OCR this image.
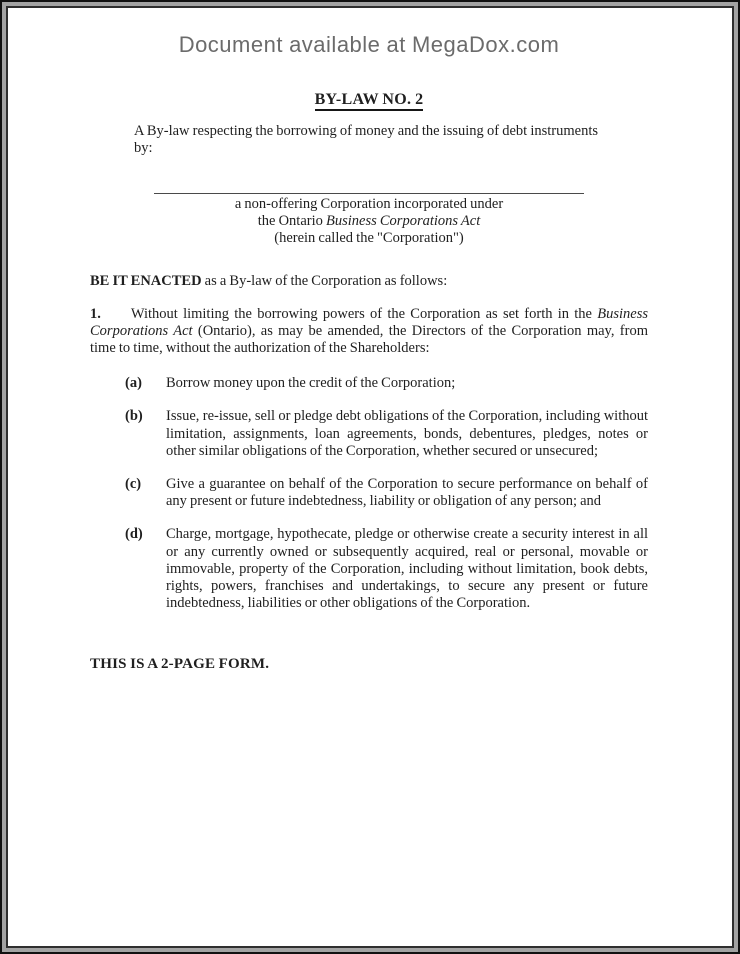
Document available at MegaDox.com
BY-LAW NO. 2

A By-law respecting the borrowing of money and the issuing of debt instruments by:

a non-offering Corporation incorporated under
the Ontario Business Corporations Act
(herein called the "Corporation")

BE IT ENACTED as a By-law of the Corporation as follows:

1. Without limiting the borrowing powers of the Corporation as set forth in the Business Corporations Act (Ontario), as may be amended, the Directors of the Corporation may, from time to time, without the authorization of the Shareholders:

(a) Borrow money upon the credit of the Corporation;
(b) Issue, re-issue, sell or pledge debt obligations of the Corporation, including without limitation, assignments, loan agreements, bonds, debentures, pledges, notes or other similar obligations of the Corporation, whether secured or unsecured;
(c) Give a guarantee on behalf of the Corporation to secure performance on behalf of any present or future indebtedness, liability or obligation of any person; and
(d) Charge, mortgage, hypothecate, pledge or otherwise create a security interest in all or any currently owned or subsequently acquired, real or personal, movable or immovable, property of the Corporation, including without limitation, book debts, rights, powers, franchises and undertakings, to secure any present or future indebtedness, liabilities or other obligations of the Corporation.

THIS IS A 2-PAGE FORM.
